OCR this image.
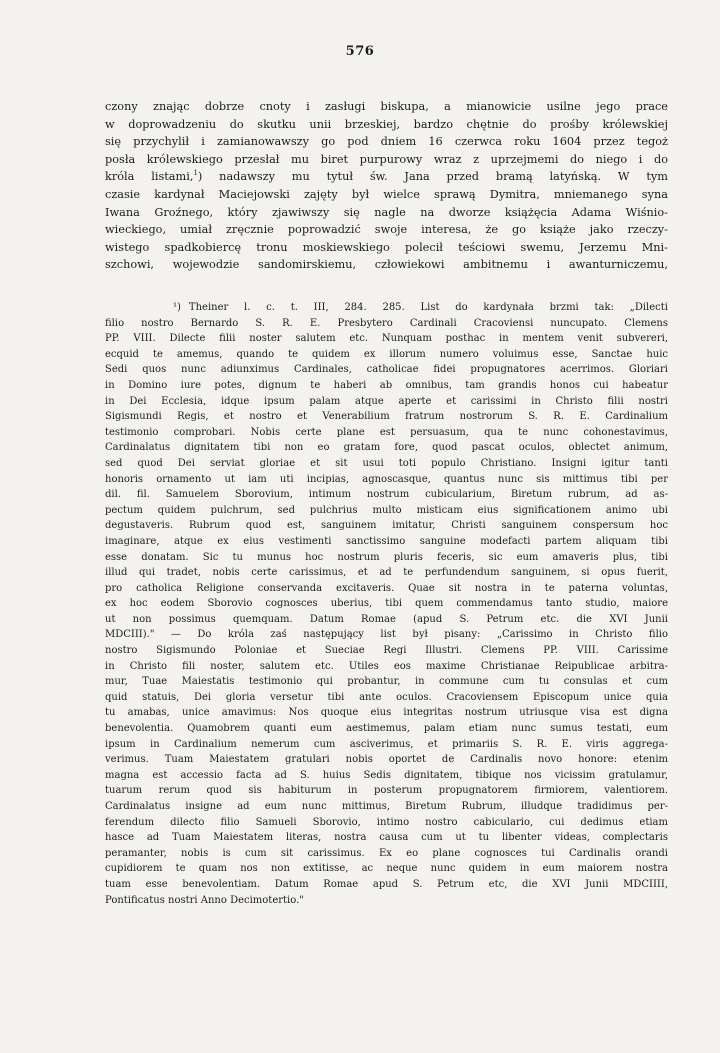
576
czony znając dobrze cnoty i zasługi biskupa, a mianowicie usilne jego prace
w doprowadzeniu do skutku unii brzeskiej, bardzo chętnie do prośby królewskiej
się przychylił i zamianowawszy go pod dniem 16 czerwca roku 1604 przez tegoż
posła królewskiego przesłał mu biret purpurowy wraz z uprzejmemi do niego i do
króla listami,$^1$) nadawszy mu tytuł św. Jana przed bramą latyńską. W tym
czasie kardynał Maciejowski zajęty był wielce sprawą Dymitra, mniemanego syna
Iwana Groźnego, który zjawiwszy się nagle na dworze książęcia Adama Wiśnio-
wieckiego, umiał zręcznie poprowadzić swoje interesa, że go książe jako rzeczy-
wistego spadkobiercę tronu moskiewskiego polecił teściowi swemu, Jerzemu Mni-
szchowi, wojewodzie sandomirskiemu, człowiekowi ambitnemu i awanturniczemu,
¹) Theiner l. c. t. III, 284. 285. List do kardynała brzmi tak: „Dilecti
filio nostro Bernardo S. R. E. Presbytero Cardinali Cracoviensi nuncupato. Clemens
PP. VIII. Dilecte filii noster salutem etc. Nunquam posthac in mentem venit subvereri,
ecquid te amemus, quando te quidem ex illorum numero voluimus esse, Sanctae huic
Sedi quos nunc adiunximus Cardinales, catholicae fidei propugnatores acerrimos. Gloriari
in Domino iure potes, dignum te haberi ab omnibus, tam grandis honos cui habeatur
in Dei Ecclesia, idque ipsum palam atque aperte et carissimi in Christo filii nostri
Sigismundi Regis, et nostro et Venerabilium fratrum nostrorum S. R. E. Cardinalium
testimonio comprobari. Nobis certe plane est persuasum, qua te nunc cohonestavimus,
Cardinalatus dignitatem tibi non eo gratam fore, quod pascat oculos, oblectet animum,
sed quod Dei serviat gloriae et sit usui toti populo Christiano. Insigni igitur tanti
honoris ornamento ut iam uti incipias, agnoscasque, quantus nunc sis mittimus tibi per
dil. fil. Samuelem Sborovium, intimum nostrum cubicularium, Biretum rubrum, ad as-
pectum quidem pulchrum, sed pulchrius multo misticam eius significationem animo ubi
degustaveris. Rubrum quod est, sanguinem imitatur, Christi sanguinem conspersum hoc
imaginare, atque ex eius vestimenti sanctissimo sanguine modefacti partem aliquam tibi
esse donatam. Sic tu munus hoc nostrum pluris feceris, sic eum amaveris plus, tibi
illud qui tradet, nobis certe carissimus, et ad te perfundendum sanguinem, si opus fuerit,
pro catholica Religione conservanda excitaveris. Quae sit nostra in te paterna voluntas,
ex hoc eodem Sborovio cognosces uberius, tibi quem commendamus tanto studio, maiore
ut non possimus quemquam. Datum Romae (apud S. Petrum etc. die XVI Junii
MDCIII)." — Do króla zaś następujący list był pisany: „Carissimo in Christo filio
nostro Sigismundo Poloniae et Sueciae Regi Illustri. Clemens PP. VIII. Carissime
in Christo fili noster, salutem etc. Utiles eos maxime Christianae Reipublicae arbitra-
mur, Tuae Maiestatis testimonio qui probantur, in commune cum tu consulas et cum
quid statuis, Dei gloria versetur tibi ante oculos. Cracoviensem Episcopum unice quia
tu amabas, unice amavimus: Nos quoque eius integritas nostrum utriusque visa est digna
benevolentia. Quamobrem quanti eum aestimemus, palam etiam nunc sumus testati, eum
ipsum in Cardinalium nemerum cum asciverimus, et primariis S. R. E. viris aggrega-
verimus. Tuam Maiestatem gratulari nobis oportet de Cardinalis novo honore: etenim
magna est accessio facta ad S. huius Sedis dignitatem, tibique nos vicissim gratulamur,
tuarum rerum quod sis habiturum in posterum propugnatorem firmiorem, valentiorem.
Cardinalatus insigne ad eum nunc mittimus, Biretum Rubrum, illudque tradidimus per-
ferendum dilecto filio Samueli Sborovio, intimo nostro cabiculario, cui dedimus etiam
hasce ad Tuam Maiestatem literas, nostra causa cum ut tu libenter videas, complectaris
peramanter, nobis is cum sit carissimus. Ex eo plane cognosces tui Cardinalis orandi
cupidiorem te quam nos non extitisse, ac neque nunc quidem in eum maiorem nostra
tuam esse benevolentiam. Datum Romae apud S. Petrum etc, die XVI Junii MDCIIII,
Pontificatus nostri Anno Decimotertio."
